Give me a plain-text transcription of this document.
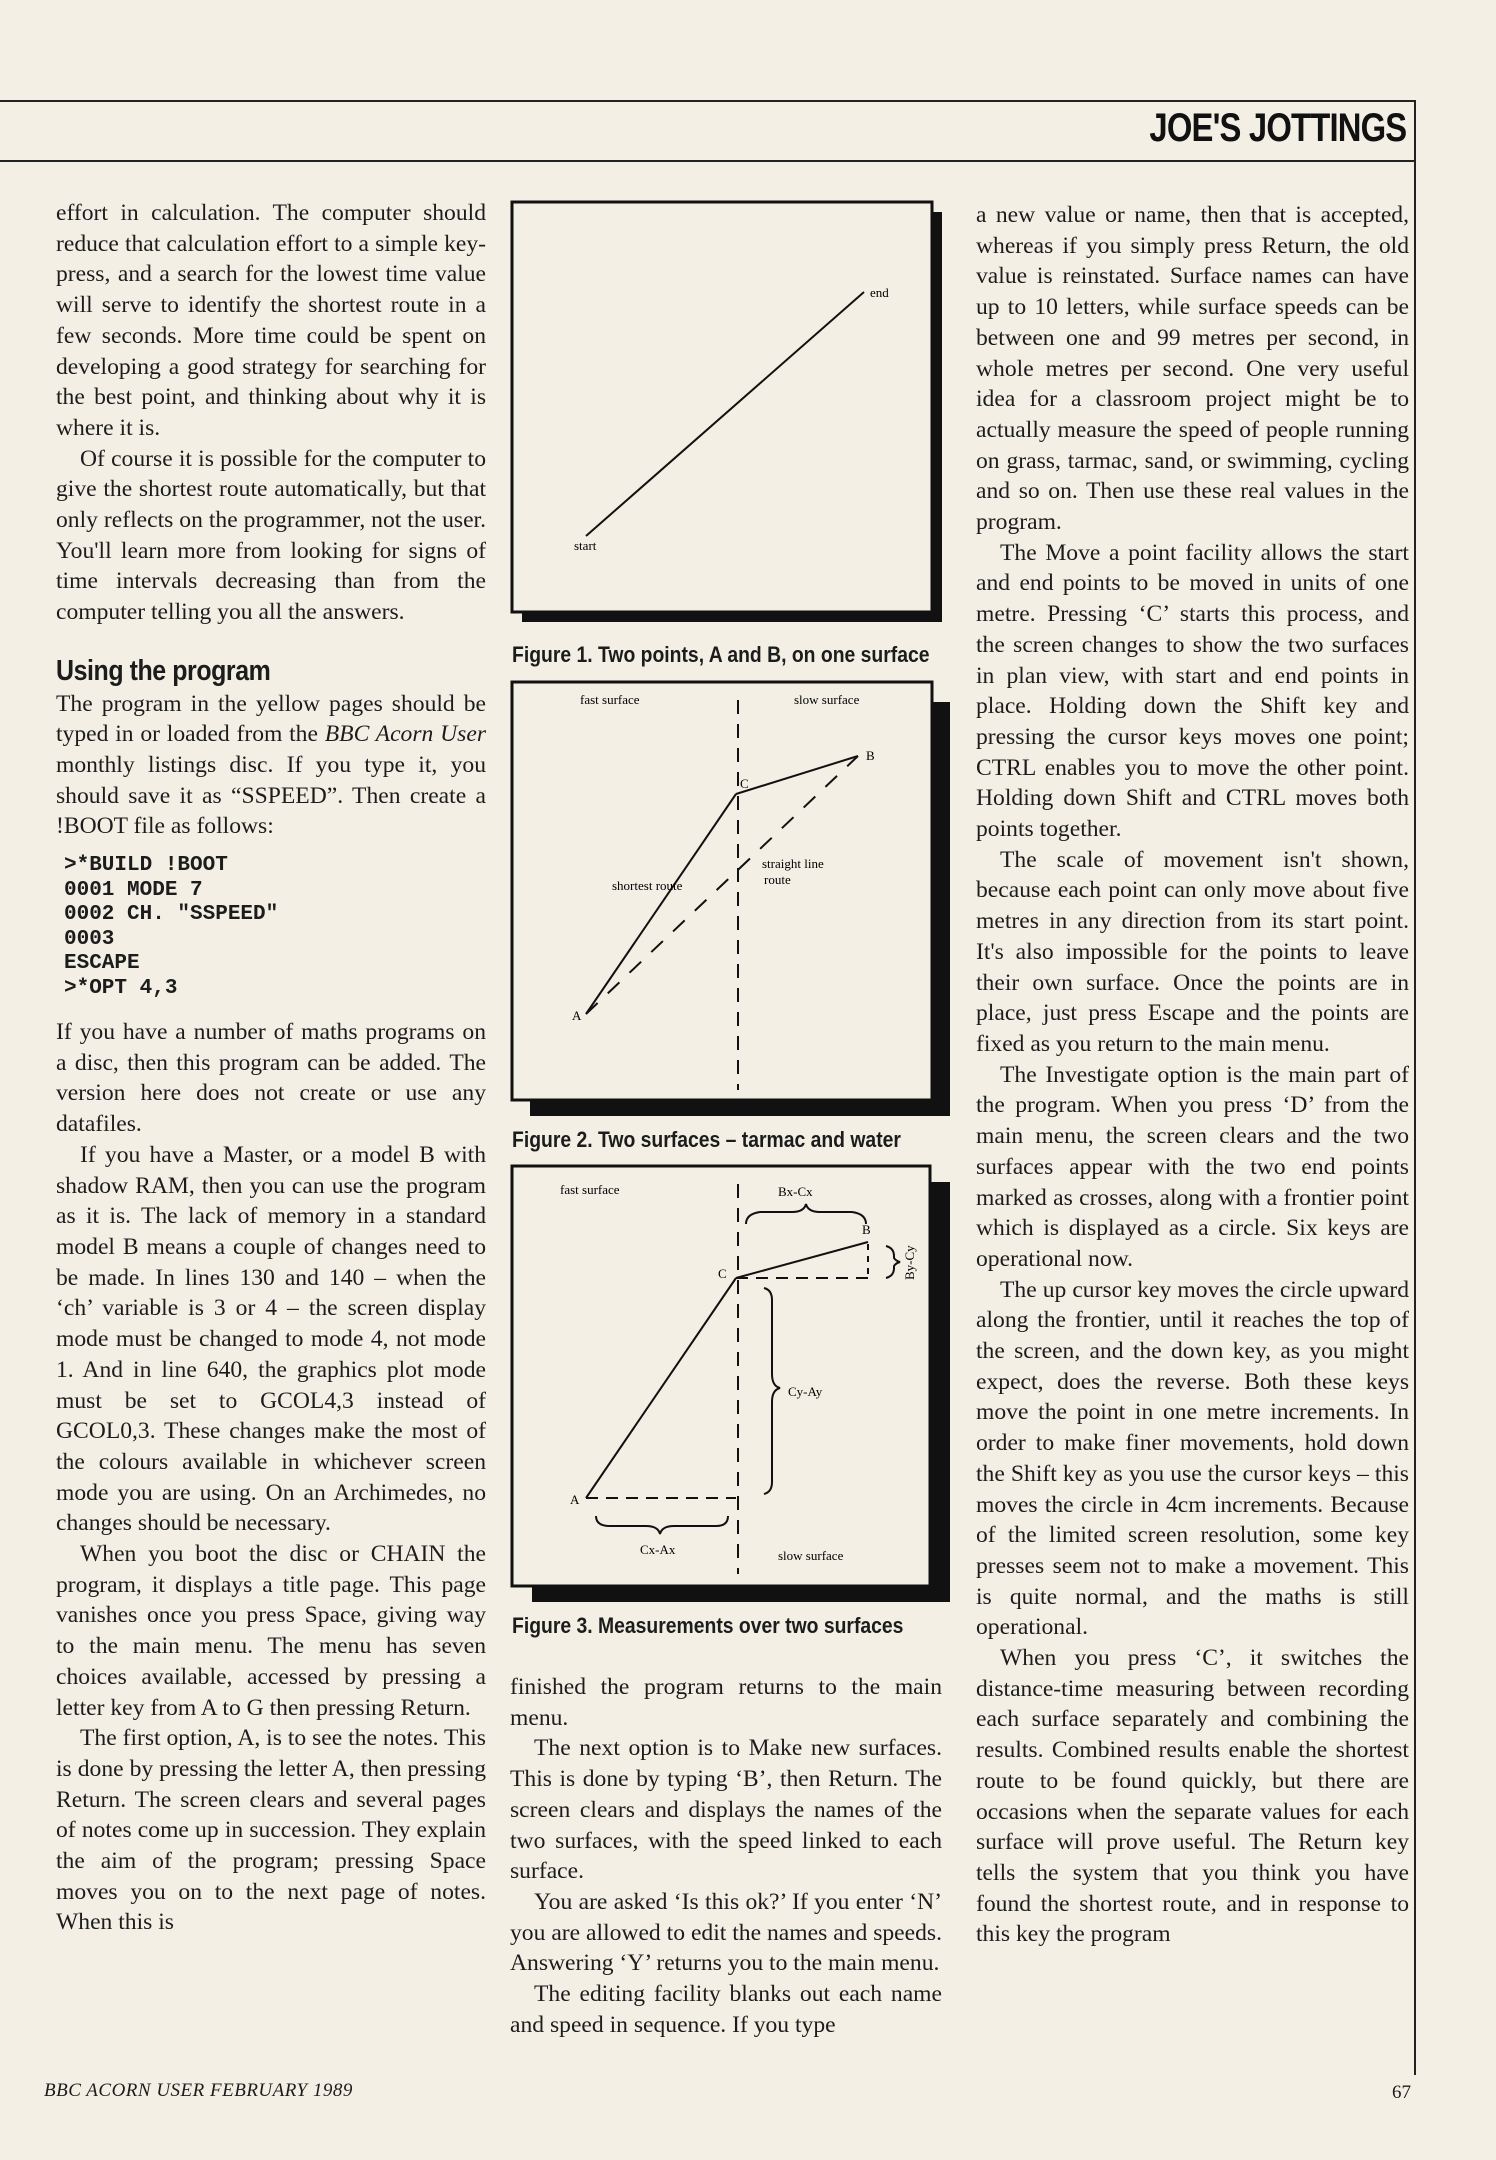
JOE'S JOTTINGS

effort in calculation. The computer should reduce that calculation effort to a simple key-press, and a search for the lowest time value will serve to identify the shortest route in a few seconds. More time could be spent on developing a good strategy for searching for the best point, and thinking about why it is where it is.

Of course it is possible for the computer to give the shortest route automatically, but that only reflects on the programmer, not the user. You'll learn more from looking for signs of time intervals decreasing than from the computer telling you all the answers.

Using the program

The program in the yellow pages should be typed in or loaded from the BBC Acorn User monthly listings disc. If you type it, you should save it as “SSPEED”. Then create a !BOOT file as follows:

>*BUILD !BOOT
0001 MODE 7
0002 CH. "SSPEED"
0003
ESCAPE
>*OPT 4,3

If you have a number of maths programs on a disc, then this program can be added. The version here does not create or use any datafiles.

If you have a Master, or a model B with shadow RAM, then you can use the program as it is. The lack of memory in a standard model B means a couple of changes need to be made. In lines 130 and 140 – when the ‘ch’ variable is 3 or 4 – the screen display mode must be changed to mode 4, not mode 1. And in line 640, the graphics plot mode must be set to GCOL4,3 instead of GCOL0,3. These changes make the most of the colours available in whichever screen mode you are using. On an Archimedes, no changes should be necessary.

When you boot the disc or CHAIN the program, it displays a title page. This page vanishes once you press Space, giving way to the main menu. The menu has seven choices available, accessed by pressing a letter key from A to G then pressing Return.

The first option, A, is to see the notes. This is done by pressing the letter A, then pressing Return. The screen clears and several pages of notes come up in succession. They explain the aim of the program; pressing Space moves you on to the next page of notes. When this is

start
end
Figure 1. Two points, A and B, on one surface
fast surface	slow surface
B
C
A
shortest route
straight line
route
Figure 2. Two surfaces – tarmac and water
fast surface
slow surface
Bx-Cx
By-Cy
Cy-Ay
Cx-Ax
B
C
A
Figure 3. Measurements over two surfaces

finished the program returns to the main menu.

The next option is to Make new surfaces. This is done by typing ‘B’, then Return. The screen clears and displays the names of the two surfaces, with the speed linked to each surface.

You are asked ‘Is this ok?’ If you enter ‘N’ you are allowed to edit the names and speeds. Answering ‘Y’ returns you to the main menu.

The editing facility blanks out each name and speed in sequence. If you type

a new value or name, then that is accepted, whereas if you simply press Return, the old value is reinstated. Surface names can have up to 10 letters, while surface speeds can be between one and 99 metres per second, in whole metres per second. One very useful idea for a classroom project might be to actually measure the speed of people running on grass, tarmac, sand, or swimming, cycling and so on. Then use these real values in the program.

The Move a point facility allows the start and end points to be moved in units of one metre. Pressing ‘C’ starts this process, and the screen changes to show the two surfaces in plan view, with start and end points in place. Holding down the Shift key and pressing the cursor keys moves one point; CTRL enables you to move the other point. Holding down Shift and CTRL moves both points together.

The scale of movement isn't shown, because each point can only move about five metres in any direction from its start point. It's also impossible for the points to leave their own surface. Once the points are in place, just press Escape and the points are fixed as you return to the main menu.

The Investigate option is the main part of the program. When you press ‘D’ from the main menu, the screen clears and the two surfaces appear with the two end points marked as crosses, along with a frontier point which is displayed as a circle. Six keys are operational now.

The up cursor key moves the circle upward along the frontier, until it reaches the top of the screen, and the down key, as you might expect, does the reverse. Both these keys move the point in one metre increments. In order to make finer movements, hold down the Shift key as you use the cursor keys – this moves the circle in 4cm increments. Because of the limited screen resolution, some key presses seem not to make a movement. This is quite normal, and the maths is still operational.

When you press ‘C’, it switches the distance-time measuring between recording each surface separately and combining the results. Combined results enable the shortest route to be found quickly, but there are occasions when the separate values for each surface will prove useful. The Return key tells the system that you think you have found the shortest route, and in response to this key the program

BBC ACORN USER FEBRUARY 1989	67
